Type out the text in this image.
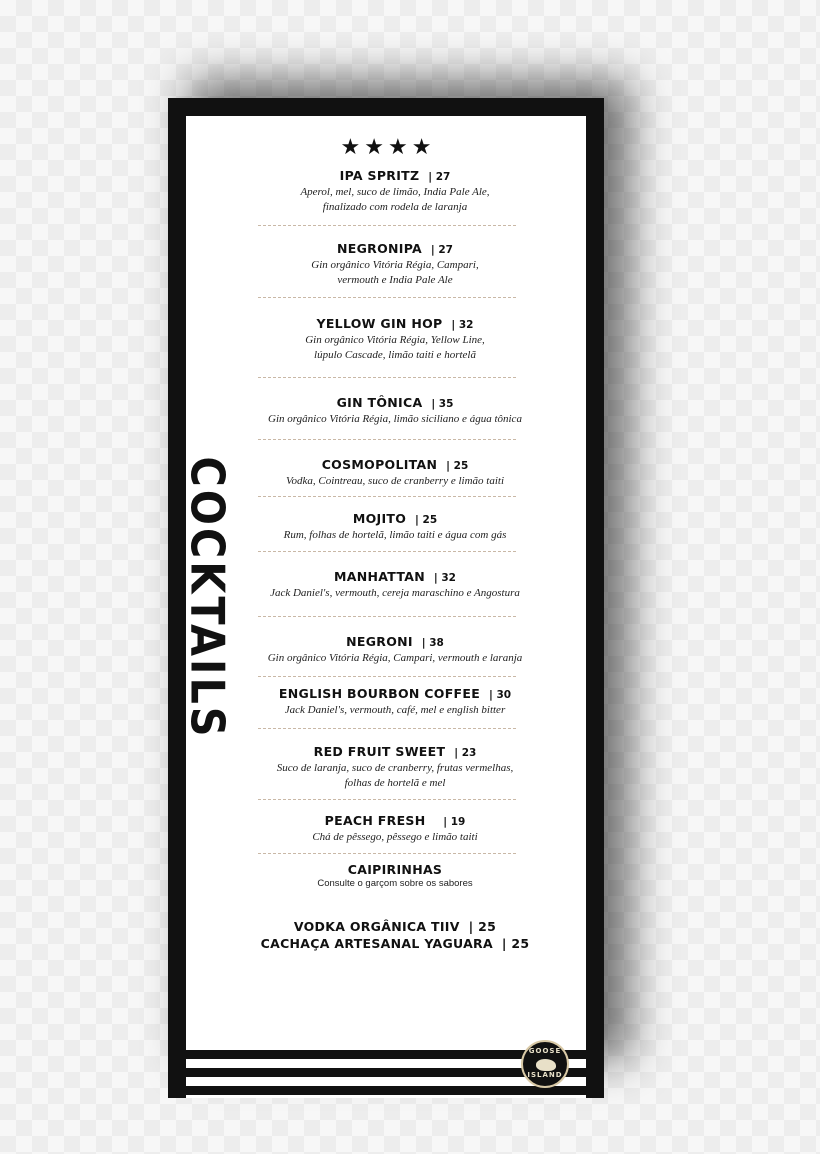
COCKTAILS
★★★★
IPA SPRITZ | 27
Aperol, mel, suco de limão, India Pale Ale,
finalizado com rodela de laranja
NEGRONIPA | 27
Gin orgânico Vitória Régia, Campari,
vermouth e India Pale Ale
YELLOW GIN HOP | 32
Gin orgânico Vitória Régia, Yellow Line,
lúpulo Cascade, limão taiti e hortelã
GIN TÔNICA | 35
Gin orgânico Vitória Régia, limão siciliano e água tônica
COSMOPOLITAN | 25
Vodka, Cointreau, suco de cranberry e limão taiti
MOJITO | 25
Rum, folhas de hortelã, limão taiti e água com gás
MANHATTAN | 32
Jack Daniel's, vermouth, cereja maraschino e Angostura
NEGRONI | 38
Gin orgânico Vitória Régia, Campari, vermouth e laranja
ENGLISH BOURBON COFFEE | 30
Jack Daniel's, vermouth, café, mel e english bitter
RED FRUIT SWEET | 23
Suco de laranja, suco de cranberry, frutas vermelhas,
folhas de hortelã e mel
PEACH FRESH | 19
Chá de pêssego, pêssego e limão taiti
CAIPIRINHAS
Consulte o garçom sobre os sabores
VODKA ORGÂNICA TIIV | 25
CACHAÇA ARTESANAL YAGUARA | 25
GOOSE
ISLAND
